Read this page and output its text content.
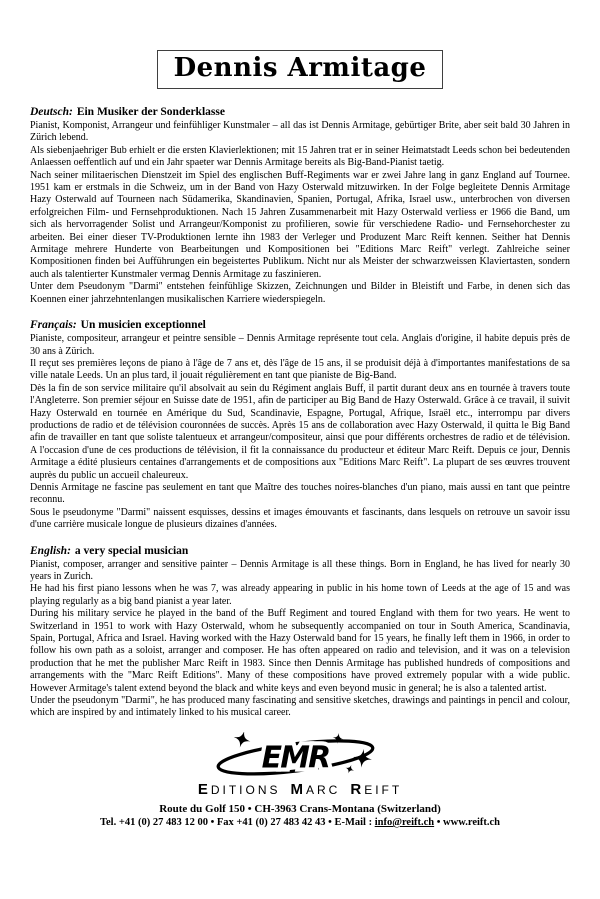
Dennis Armitage
Deutsch: Ein Musiker der Sonderklasse

Pianist, Komponist, Arrangeur und feinfühliger Kunstmaler – all das ist Dennis Armitage, gebürtiger Brite, aber seit bald 30 Jahren in Zürich lebend.

Als siebenjaehriger Bub erhielt er die ersten Klavierlektionen; mit 15 Jahren trat er in seiner Heimatstadt Leeds schon bei bedeutenden Anlaessen oeffentlich auf und ein Jahr spaeter war Dennis Armitage bereits als Big-Band-Pianist taetig.

Nach seiner militaerischen Dienstzeit im Spiel des englischen Buff-Regiments war er zwei Jahre lang in ganz England auf Tournee. 1951 kam er erstmals in die Schweiz, um in der Band von Hazy Osterwald mitzuwirken. In der Folge begleitete Dennis Armitage Hazy Osterwald auf Tourneen nach Südamerika, Skandinavien, Spanien, Portugal, Afrika, Israel usw., unterbrochen von diversen erfolgreichen Film- und Fernsehproduktionen. Nach 15 Jahren Zusammenarbeit mit Hazy Osterwald verliess er 1966 die Band, um sich als hervorragender Solist und Arrangeur/Komponist zu profilieren, sowie für verschiedene Radio- und Fernsehorchester zu arbeiten. Bei einer dieser TV-Produktionen lernte ihn 1983 der Verleger und Produzent Marc Reift kennen. Seither hat Dennis Armitage mehrere Hunderte von Bearbeitungen und Kompositionen bei "Editions Marc Reift" verlegt. Zahlreiche seiner Kompositionen finden bei Aufführungen ein begeistertes Publikum. Nicht nur als Meister der schwarzweissen Klaviertasten, sondern auch als talentierter Kunstmaler vermag Dennis Armitage zu faszinieren.

Unter dem Pseudonym "Darmi" entstehen feinfühlige Skizzen, Zeichnungen und Bilder in Bleistift und Farbe, in denen sich das Koennen einer jahrzehntenlangen musikalischen Karriere wiederspiegeln.

Français: Un musicien exceptionnel

Pianiste, compositeur, arrangeur et peintre sensible – Dennis Armitage représente tout cela. Anglais d'origine, il habite depuis près de 30 ans à Zürich.

Il reçut ses premières leçons de piano à l'âge de 7 ans et, dès l'âge de 15 ans, il se produisit déjà à d'importantes manifestations de sa ville natale Leeds. Un an plus tard, il jouait régulièrement en tant que pianiste de Big-Band.

Dès la fin de son service militaire qu'il absolvait au sein du Régiment anglais Buff, il partit durant deux ans en tournée à travers toute l'Angleterre. Son premier séjour en Suisse date de 1951, afin de participer au Big Band de Hazy Osterwald. Grâce à ce travail, il suivit Hazy Osterwald en tournée en Amérique du Sud, Scandinavie, Espagne, Portugal, Afrique, Israël etc., interrompu par divers productions de radio et de télévision couronnées de succès. Après 15 ans de collaboration avec Hazy Osterwald, il quitta le Big Band afin de travailler en tant que soliste talentueux et arrangeur/compositeur, ainsi que pour différents orchestres de radio et de télévision. A l'occasion d'une de ces productions de télévision, il fit la connaissance du producteur et éditeur Marc Reift. Depuis ce jour, Dennis Armitage a édité plusieurs centaines d'arrangements et de compositions aux "Editions Marc Reift". La plupart de ses œuvres trouvent auprès du public un accueil chaleureux.

Dennis Armitage ne fascine pas seulement en tant que Maître des touches noires-blanches d'un piano, mais aussi en tant que peintre reconnu.

Sous le pseudonyme "Darmi" naissent esquisses, dessins et images émouvants et fascinants, dans lesquels on retrouve un savoir issu d'une carrière musicale longue de plusieurs dizaines d'années.

English: a very special musician

Pianist, composer, arranger and sensitive painter – Dennis Armitage is all these things. Born in England, he has lived for nearly 30 years in Zurich.

He had his first piano lessons when he was 7, was already appearing in public in his home town of Leeds at the age of 15 and was playing regularly as a big band pianist a year later.

During his military service he played in the band of the Buff Regiment and toured England with them for two years. He went to Switzerland in 1951 to work with Hazy Osterwald, whom he subsequently accompanied on tour in South America, Scandinavia, Spain, Portugal, Africa and Israel. Having worked with the Hazy Osterwald band for 15 years, he finally left them in 1966, in order to follow his own path as a soloist, arranger and composer. He has often appeared on radio and television, and it was on a television production that he met the publisher Marc Reift in 1983. Since then Dennis Armitage has published hundreds of compositions and arrangements with the "Marc Reift Editions". Many of these compositions have proved extremely popular with a wide public. However Armitage's talent extend beyond the black and white keys and even beyond music in general; he is also a talented artist.

Under the pseudonym "Darmi", he has produced many fascinating and sensitive sketches, drawings and paintings in pencil and colour, which are inspired by and intimately linked to his musical career.

EMR
EDITIONS MARC REIFT
Route du Golf 150 • CH-3963 Crans-Montana (Switzerland)
Tel. +41 (0) 27 483 12 00 • Fax +41 (0) 27 483 42 43 • E-Mail : info@reift.ch • www.reift.ch
